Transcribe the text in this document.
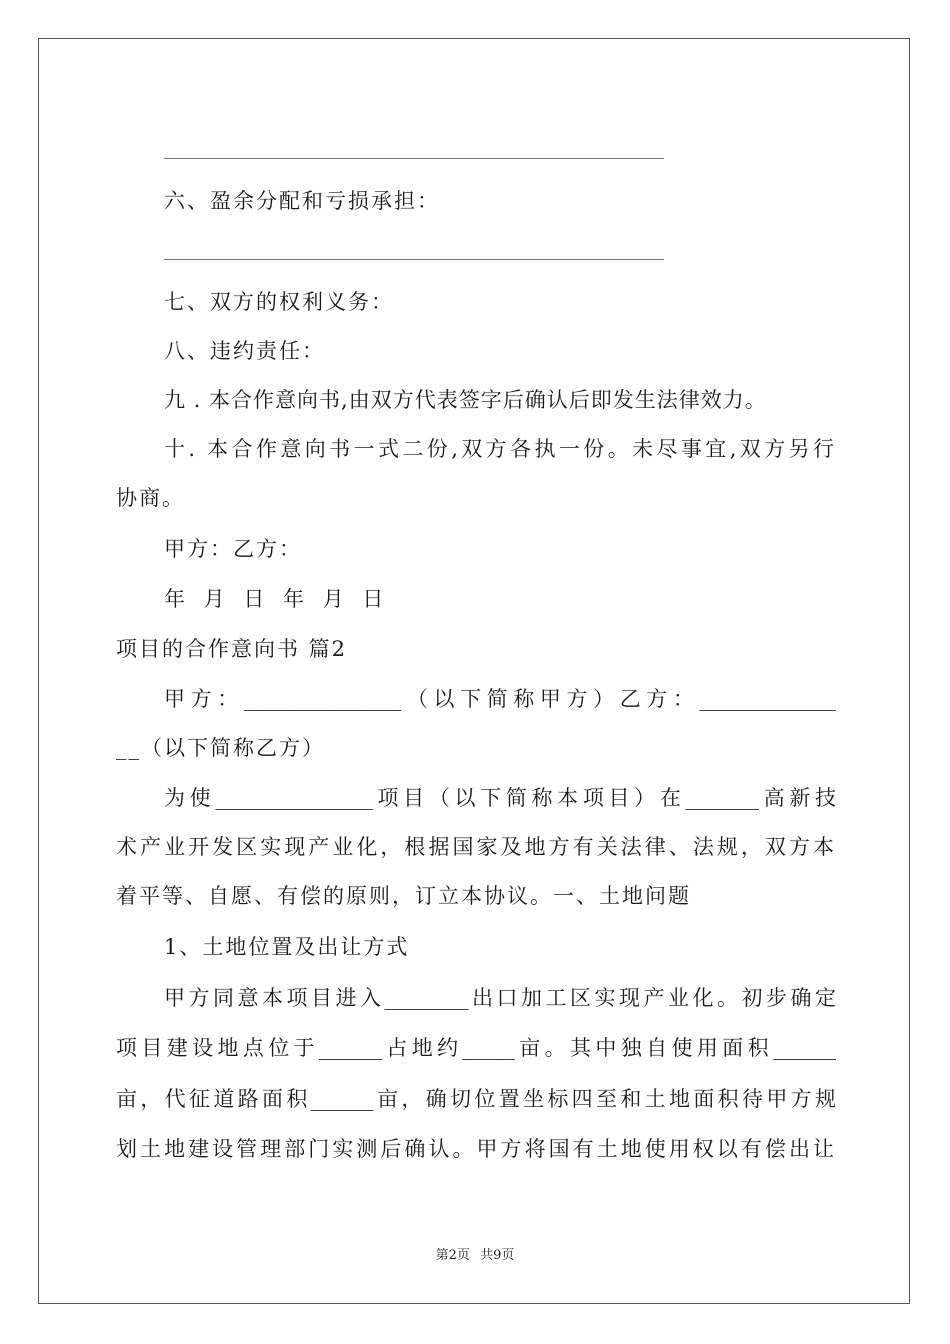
六、盈余分配和亏损承担：
七、双方的权利义务：
八、违约责任：
九 . 本合作意向书,由双方代表签字后确认后即发生法律效力。
十. 本合作意向书一式二份,双方各执一份。未尽事宜,双方另行
协商。
甲方：乙方：
年 月 日 年 月 日
项目的合作意向书 篇2
甲方：_______________（以下简称甲方）乙方：_____________
__（以下简称乙方）
为使_______________项目（以下简称本项目）在_______高新技
术产业开发区实现产业化，根据国家及地方有关法律、法规，双方本
着平等、自愿、有偿的原则，订立本协议。一、土地问题
1、土地位置及出让方式
甲方同意本项目进入________出口加工区实现产业化。初步确定
项目建设地点位于______占地约_____亩。其中独自使用面积______
亩，代征道路面积______亩，确切位置坐标四至和土地面积待甲方规
划土地建设管理部门实测后确认。甲方将国有土地使用权以有偿出让
第2页 共9页
